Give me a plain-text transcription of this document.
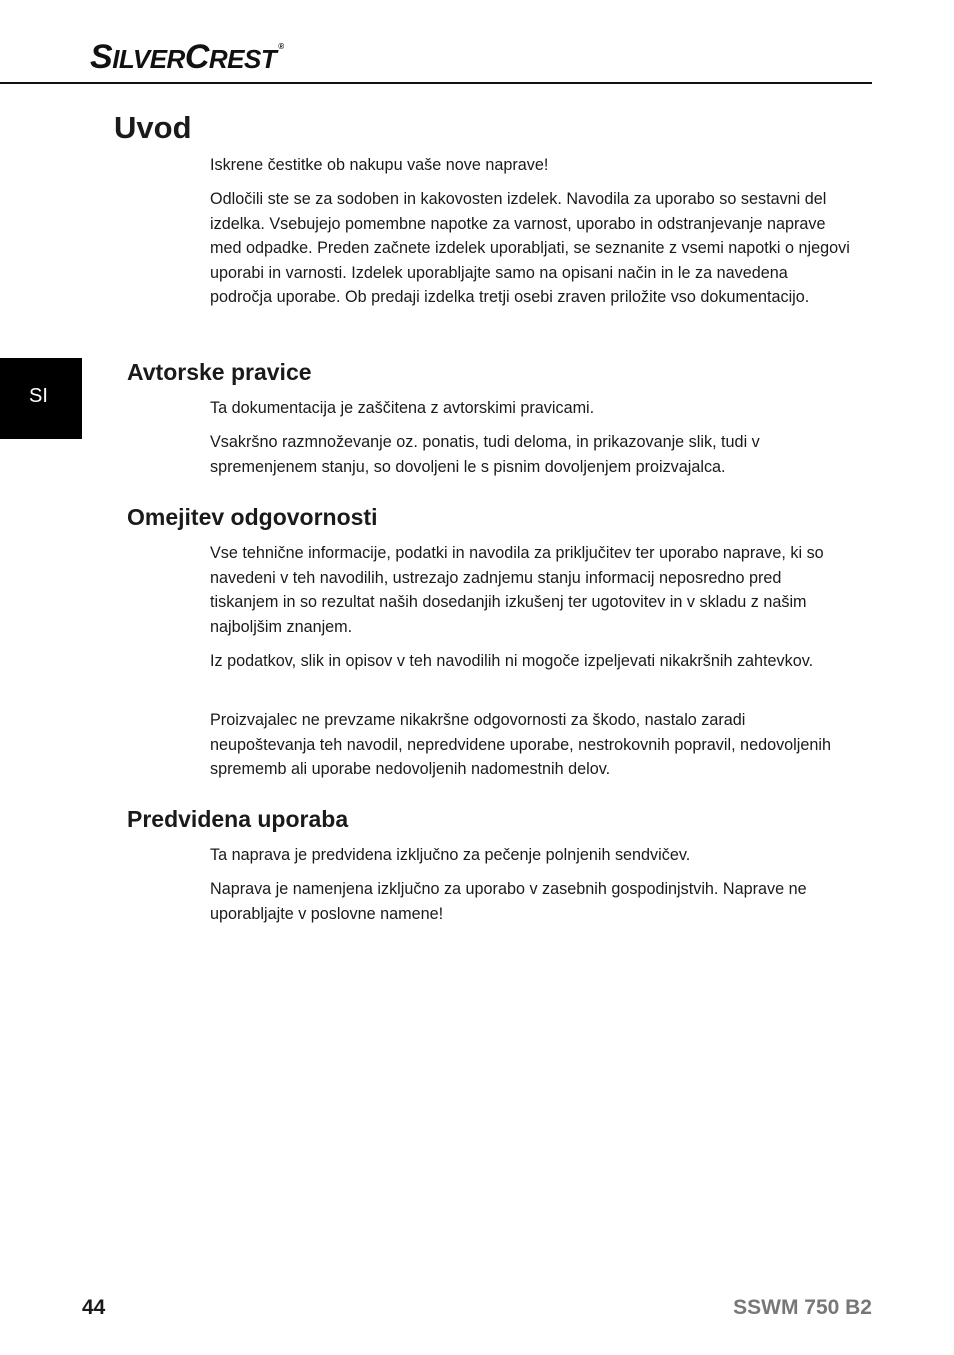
SILVERCREST ®
SI
Uvod

Iskrene čestitke ob nakupu vaše nove naprave!

Odločili ste se za sodoben in kakovosten izdelek. Navodila za uporabo so sestavni del izdelka. Vsebujejo pomembne napotke za varnost, uporabo in odstranjevanje naprave med odpadke. Preden začnete izdelek uporabljati, se seznanite z vsemi napotki o njegovi uporabi in varnosti. Izdelek uporabljajte samo na opisani način in le za navedena področja uporabe. Ob predaji izdelka tretji osebi zraven priložite vso dokumentacijo.

Avtorske pravice

Ta dokumentacija je zaščitena z avtorskimi pravicami.

Vsakršno razmnoževanje oz. ponatis, tudi deloma, in prikazovanje slik, tudi v spremenjenem stanju, so dovoljeni le s pisnim dovoljenjem proizvajalca.

Omejitev odgovornosti

Vse tehnične informacije, podatki in navodila za priključitev ter uporabo naprave, ki so navedeni v teh navodilih, ustrezajo zadnjemu stanju informacij neposredno pred tiskanjem in so rezultat naših dosedanjih izkušenj ter ugotovitev in v skladu z našim najboljšim znanjem.

Iz podatkov, slik in opisov v teh navodilih ni mogoče izpeljevati nikakršnih zahtevkov.

Proizvajalec ne prevzame nikakršne odgovornosti za škodo, nastalo zaradi neupoštevanja teh navodil, nepredvidene uporabe, nestrokovnih popravil, nedovoljenih sprememb ali uporabe nedovoljenih nadomestnih delov.

Predvidena uporaba

Ta naprava je predvidena izključno za pečenje polnjenih sendvičev.

Naprava je namenjena izključno za uporabo v zasebnih gospodinjstvih. Naprave ne uporabljajte v poslovne namene!

44	SSWM 750 B2
